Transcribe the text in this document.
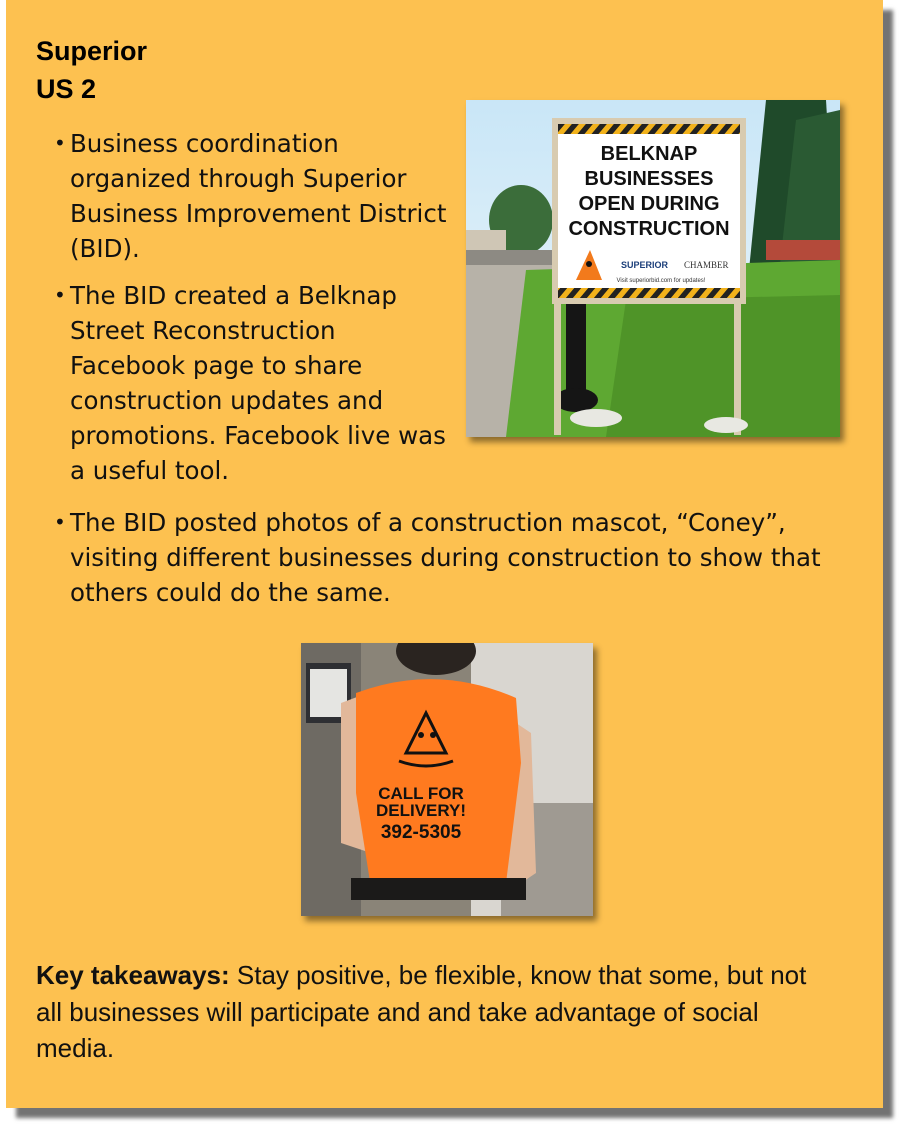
Superior
US 2
• Business coordination organized through Superior Business Improvement District (BID).
• The BID created a Belknap Street Reconstruction Facebook page to share construction updates and promotions. Facebook live was a useful tool.
• The BID posted photos of a construction mascot, “Coney”, visiting different businesses during construction to show that others could do the same.
BELKNAP
BUSINESSES
OPEN DURING
CONSTRUCTION
SUPERIOR CHAMBER
Visit superiorbid.com for updates!
CALL FOR
DELIVERY!
392-5305
Key takeaways: Stay positive, be flexible, know that some, but not all businesses will participate and and take advantage of social media.
